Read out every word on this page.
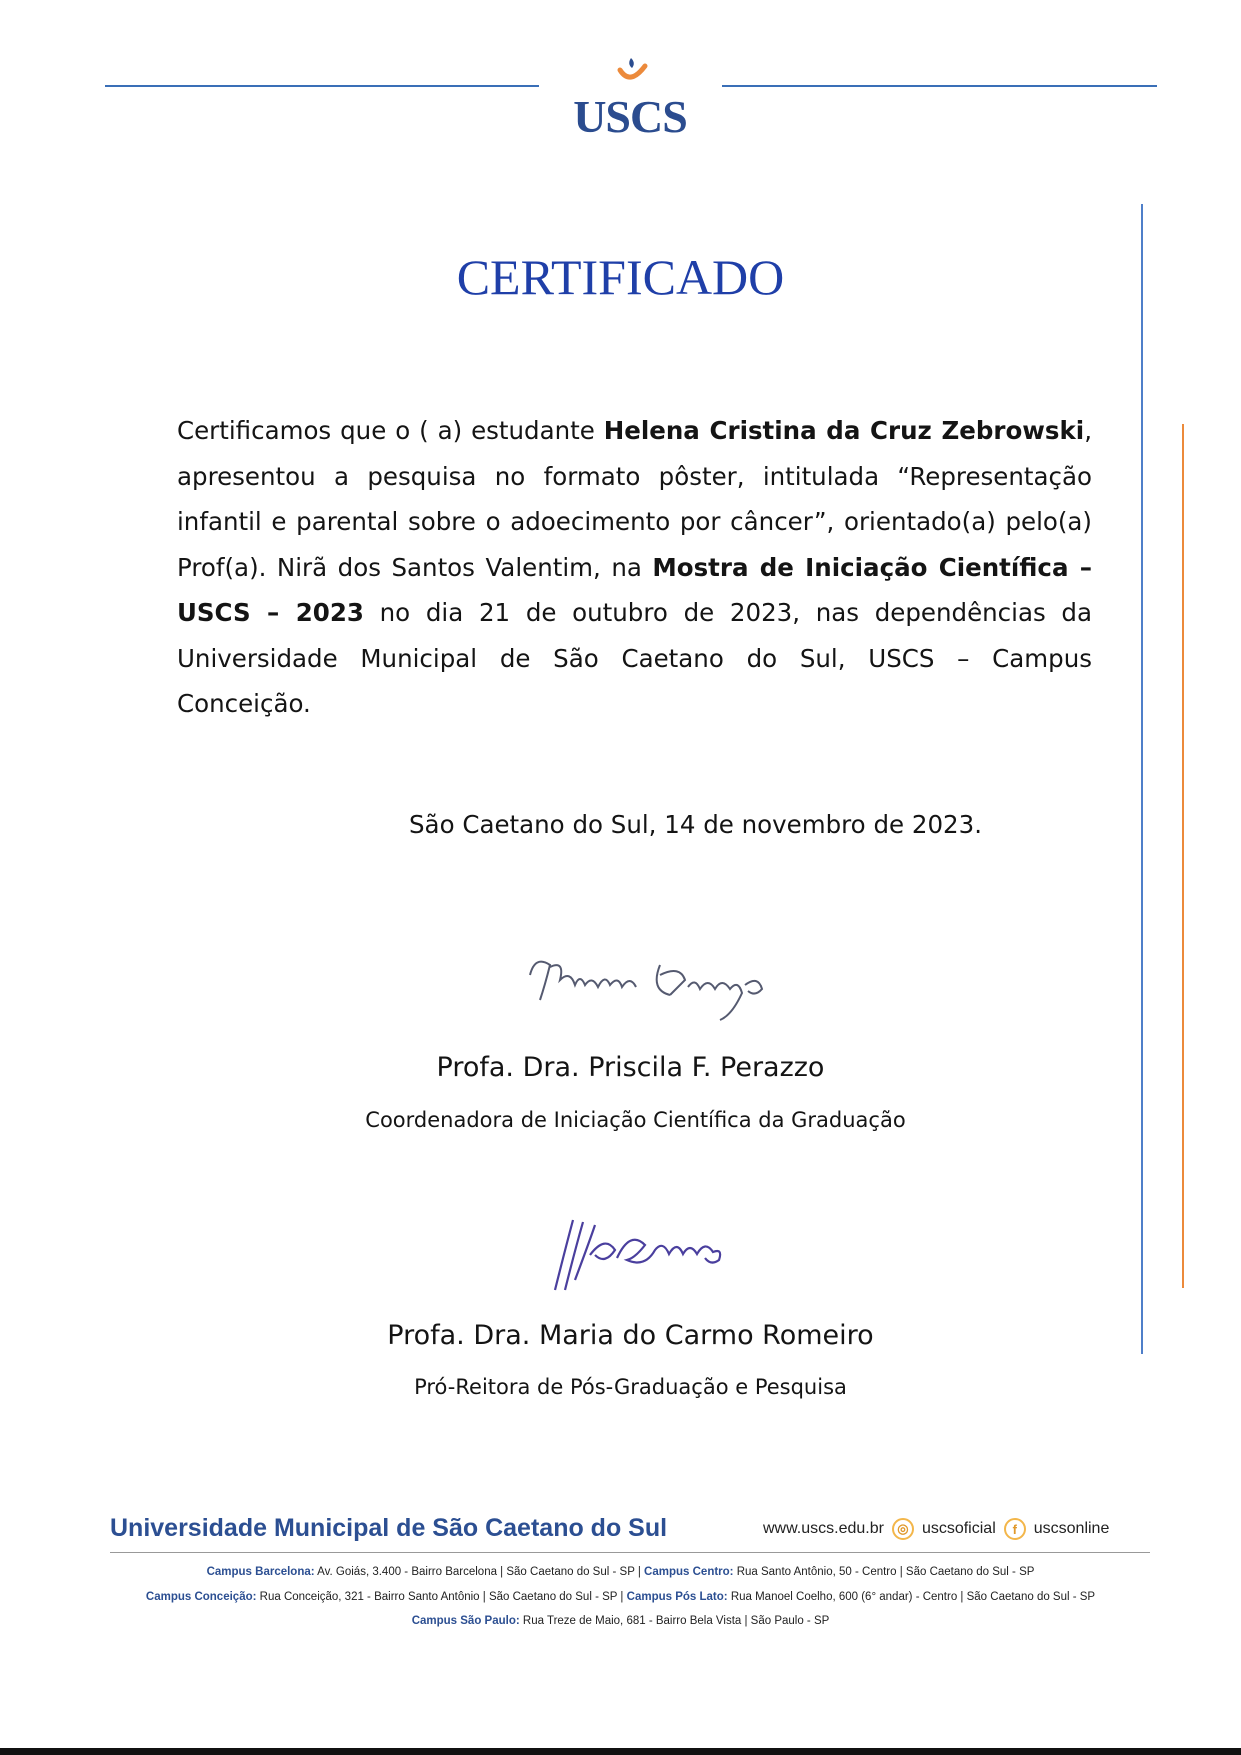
USCS
CERTIFICADO
Certificamos que o ( a) estudante Helena Cristina da Cruz Zebrowski, apresentou a pesquisa no formato pôster, intitulada “Representação infantil e parental sobre o adoecimento por câncer”, orientado(a) pelo(a) Prof(a). Nirã dos Santos Valentim, na Mostra de Iniciação Científica – USCS – 2023 no dia 21 de outubro de 2023, nas dependências da Universidade Municipal de São Caetano do Sul, USCS – Campus Conceição.
São Caetano do Sul, 14 de novembro de 2023.
Profa. Dra. Priscila F. Perazzo
Coordenadora de Iniciação Científica da Graduação
Profa. Dra. Maria do Carmo Romeiro
Pró-Reitora de Pós-Graduação e Pesquisa
Universidade Municipal de São Caetano do Sul	www.uscs.edu.br	◎ uscsoficial	f	uscsonline
Campus Barcelona: Av. Goiás, 3.400 - Bairro Barcelona | São Caetano do Sul - SP | Campus Centro: Rua Santo Antônio, 50 - Centro | São Caetano do Sul - SP
Campus Conceição: Rua Conceição, 321 - Bairro Santo Antônio | São Caetano do Sul - SP | Campus Pós Lato: Rua Manoel Coelho, 600 (6° andar) - Centro | São Caetano do Sul - SP
Campus São Paulo: Rua Treze de Maio, 681 - Bairro Bela Vista | São Paulo - SP
